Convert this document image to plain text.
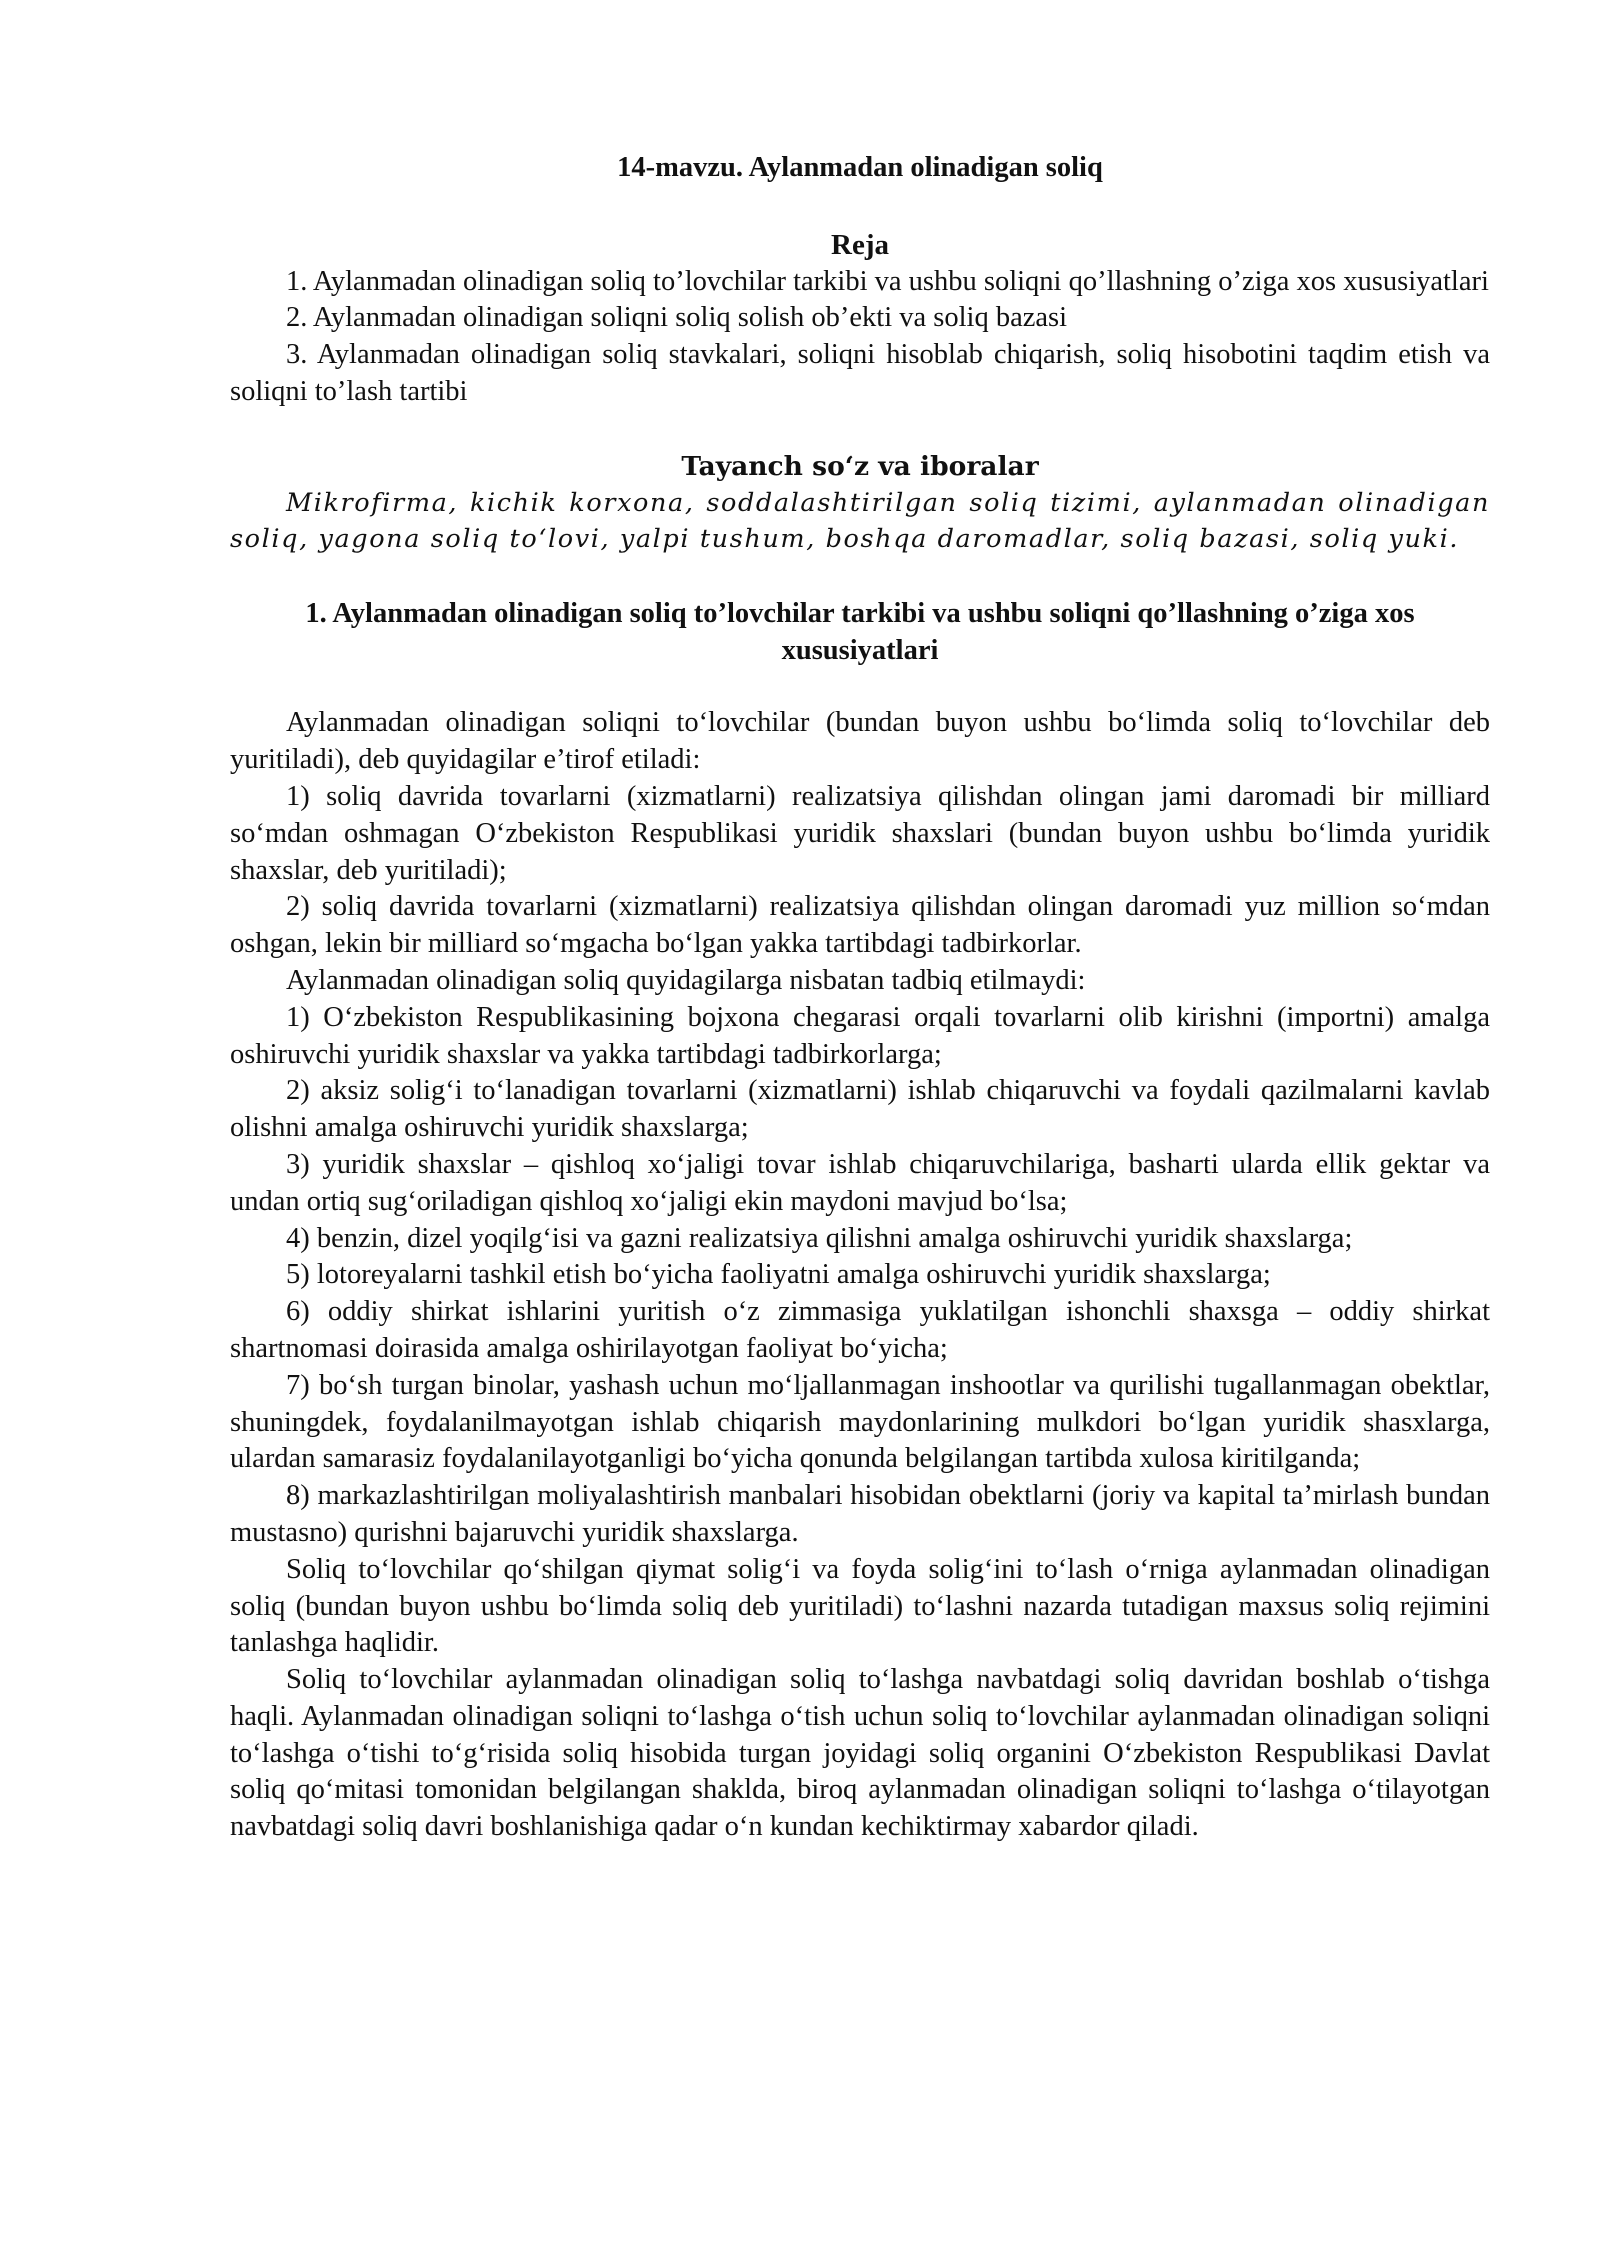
14-mavzu. Aylanmadan olinadigan soliq
Reja
1. Aylanmadan olinadigan soliq to’lovchilar tarkibi va ushbu soliqni qo’llashning o’ziga xos xususiyatlari
2. Aylanmadan olinadigan soliqni soliq solish ob’ekti va soliq bazasi
3. Aylanmadan olinadigan soliq stavkalari, soliqni hisoblab chiqarish, soliq hisobotini taqdim etish va soliqni to’lash tartibi
Tayanch so‘z va iboralar
Mikrofirma, kichik korxona, soddalashtirilgan soliq tizimi, aylanmadan olinadigan soliq, yagona soliq to‘lovi, yalpi tushum, boshqa daromadlar, soliq bazasi, soliq yuki.
1. Aylanmadan olinadigan soliq to’lovchilar tarkibi va ushbu soliqni qo’llashning o’ziga xos xususiyatlari
Aylanmadan olinadigan soliqni to‘lovchilar (bundan buyon ushbu bo‘limda soliq to‘lovchilar deb yuritiladi), deb quyidagilar e’tirof etiladi:
1) soliq davrida tovarlarni (xizmatlarni) realizatsiya qilishdan olingan jami daromadi bir milliard so‘mdan oshmagan O‘zbekiston Respublikasi yuridik shaxslari (bundan buyon ushbu bo‘limda yuridik shaxslar, deb yuritiladi);
2) soliq davrida tovarlarni (xizmatlarni) realizatsiya qilishdan olingan daromadi yuz million so‘mdan oshgan, lekin bir milliard so‘mgacha bo‘lgan yakka tartibdagi tadbirkorlar.
Aylanmadan olinadigan soliq quyidagilarga nisbatan tadbiq etilmaydi:
1) O‘zbekiston Respublikasining bojxona chegarasi orqali tovarlarni olib kirishni (importni) amalga oshiruvchi yuridik shaxslar va yakka tartibdagi tadbirkorlarga;
2) aksiz solig‘i to‘lanadigan tovarlarni (xizmatlarni) ishlab chiqaruvchi va foydali qazilmalarni kavlab olishni amalga oshiruvchi yuridik shaxslarga;
3) yuridik shaxslar – qishloq xo‘jaligi tovar ishlab chiqaruvchilariga, basharti ularda ellik gektar va undan ortiq sug‘oriladigan qishloq xo‘jaligi ekin maydoni mavjud bo‘lsa;
4) benzin, dizel yoqilg‘isi va gazni realizatsiya qilishni amalga oshiruvchi yuridik shaxslarga;
5) lotoreyalarni tashkil etish bo‘yicha faoliyatni amalga oshiruvchi yuridik shaxslarga;
6) oddiy shirkat ishlarini yuritish o‘z zimmasiga yuklatilgan ishonchli shaxsga – oddiy shirkat shartnomasi doirasida amalga oshirilayotgan faoliyat bo‘yicha;
7) bo‘sh turgan binolar, yashash uchun mo‘ljallanmagan inshootlar va qurilishi tugallanmagan obektlar, shuningdek, foydalanilmayotgan ishlab chiqarish maydonlarining mulkdori bo‘lgan yuridik shasxlarga, ulardan samarasiz foydalanilayotganligi bo‘yicha qonunda belgilangan tartibda xulosa kiritilganda;
8) markazlashtirilgan moliyalashtirish manbalari hisobidan obektlarni (joriy va kapital ta’mirlash bundan mustasno) qurishni bajaruvchi yuridik shaxslarga.
Soliq to‘lovchilar qo‘shilgan qiymat solig‘i va foyda solig‘ini to‘lash o‘rniga aylanmadan olinadigan soliq (bundan buyon ushbu bo‘limda soliq deb yuritiladi) to‘lashni nazarda tutadigan maxsus soliq rejimini tanlashga haqlidir.
Soliq to‘lovchilar aylanmadan olinadigan soliq to‘lashga navbatdagi soliq davridan boshlab o‘tishga haqli. Aylanmadan olinadigan soliqni to‘lashga o‘tish uchun soliq to‘lovchilar aylanmadan olinadigan soliqni to‘lashga o‘tishi to‘g‘risida soliq hisobida turgan joyidagi soliq organini O‘zbekiston Respublikasi Davlat soliq qo‘mitasi tomonidan belgilangan shaklda, biroq aylanmadan olinadigan soliqni to‘lashga o‘tilayotgan navbatdagi soliq davri boshlanishiga qadar o‘n kundan kechiktirmay xabardor qiladi.
